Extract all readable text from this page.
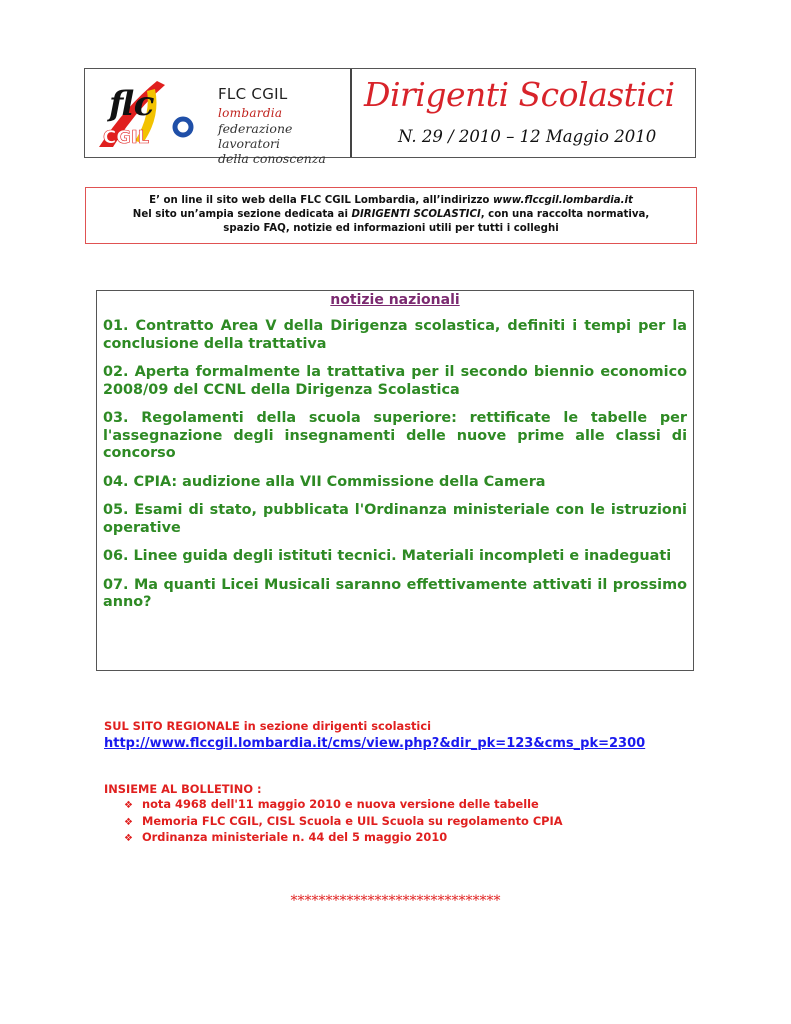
flc
CGIL
FLC CGIL lombardia
federazione lavoratori
della conoscenza
Dirigenti Scolastici
N. 29 / 2010 – 12 Maggio 2010
E’ on line il sito web della FLC CGIL Lombardia, all’indirizzo www.flccgil.lombardia.it
Nel sito un’ampia sezione dedicata ai DIRIGENTI SCOLASTICI, con una raccolta normativa,
spazio FAQ, notizie ed informazioni utili per tutti i colleghi
notizie nazionali
01. Contratto Area V della Dirigenza scolastica, definiti i tempi per la conclusione della trattativa
02. Aperta formalmente la trattativa per il secondo biennio economico 2008/09 del CCNL della Dirigenza Scolastica
03. Regolamenti della scuola superiore: rettificate le tabelle per l'assegnazione degli insegnamenti delle nuove prime alle classi di concorso
04. CPIA: audizione alla VII Commissione della Camera
05. Esami di stato, pubblicata l'Ordinanza ministeriale con le istruzioni operative
06. Linee guida degli istituti tecnici. Materiali incompleti e inadeguati
07. Ma quanti Licei Musicali saranno effettivamente attivati il prossimo anno?
SUL SITO REGIONALE in sezione dirigenti scolastici
http://www.flccgil.lombardia.it/cms/view.php?&dir_pk=123&cms_pk=2300
INSIEME AL BOLLETINO :
❖ nota 4968 dell'11 maggio 2010 e nuova versione delle tabelle
❖ Memoria FLC CGIL, CISL Scuola e UIL Scuola su regolamento CPIA
❖ Ordinanza ministeriale n. 44 del 5 maggio 2010
******************************
